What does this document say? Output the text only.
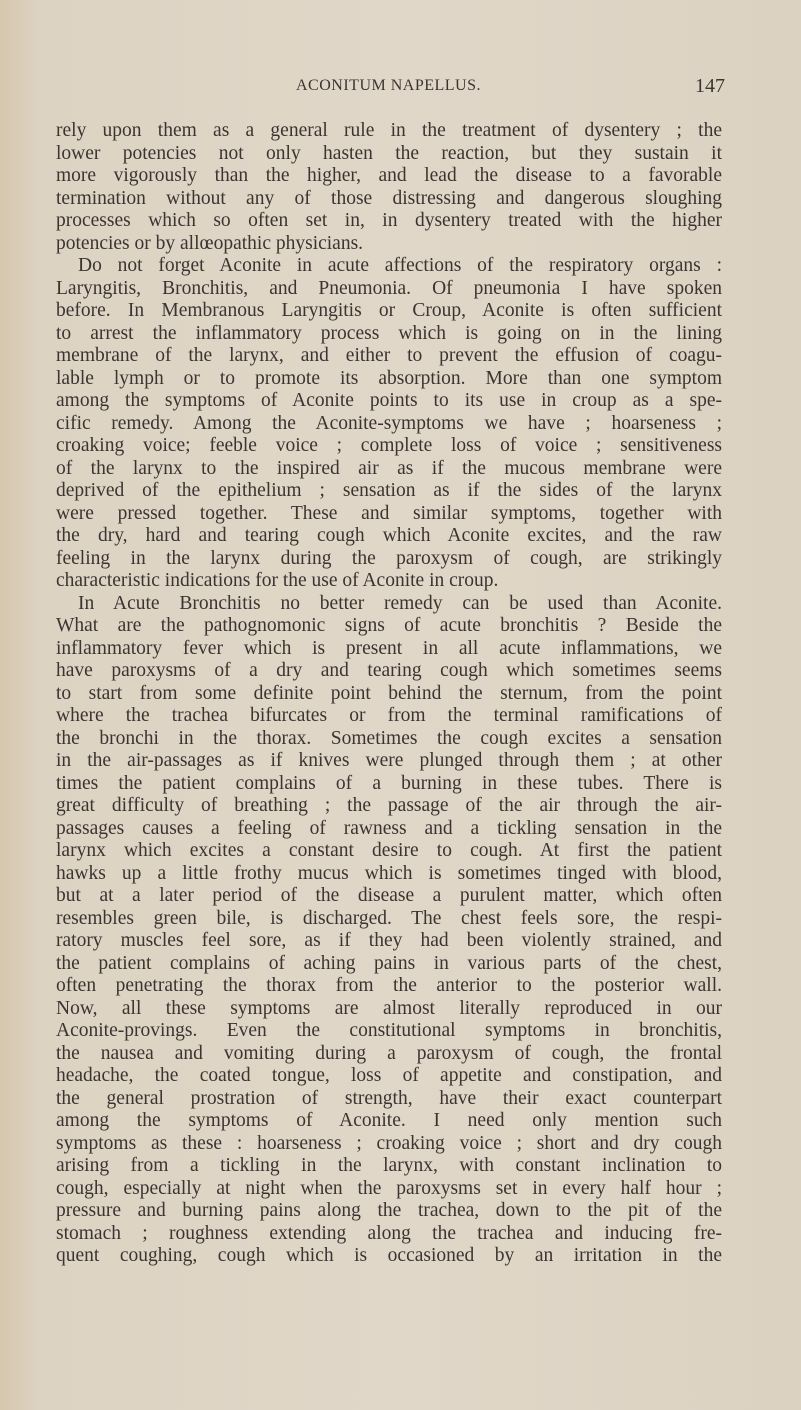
ACONITUM NAPELLUS.	147
rely upon them as a general rule in the treatment of dysentery ; the
lower potencies not only hasten the reaction, but they sustain it
more vigorously than the higher, and lead the disease to a favorable
termination without any of those distressing and dangerous sloughing
processes which so often set in, in dysentery treated with the higher
potencies or by allœopathic physicians.
Do not forget Aconite in acute affections of the respiratory organs :
Laryngitis, Bronchitis, and Pneumonia. Of pneumonia I have spoken
before. In Membranous Laryngitis or Croup, Aconite is often sufficient
to arrest the inflammatory process which is going on in the lining
membrane of the larynx, and either to prevent the effusion of coagu-
lable lymph or to promote its absorption. More than one symptom
among the symptoms of Aconite points to its use in croup as a spe-
cific remedy. Among the Aconite-symptoms we have ; hoarseness ;
croaking voice; feeble voice ; complete loss of voice ; sensitiveness
of the larynx to the inspired air as if the mucous membrane were
deprived of the epithelium ; sensation as if the sides of the larynx
were pressed together. These and similar symptoms, together with
the dry, hard and tearing cough which Aconite excites, and the raw
feeling in the larynx during the paroxysm of cough, are strikingly
characteristic indications for the use of Aconite in croup.
In Acute Bronchitis no better remedy can be used than Aconite.
What are the pathognomonic signs of acute bronchitis ? Beside the
inflammatory fever which is present in all acute inflammations, we
have paroxysms of a dry and tearing cough which sometimes seems
to start from some definite point behind the sternum, from the point
where the trachea bifurcates or from the terminal ramifications of
the bronchi in the thorax. Sometimes the cough excites a sensation
in the air-passages as if knives were plunged through them ; at other
times the patient complains of a burning in these tubes. There is
great difficulty of breathing ; the passage of the air through the air-
passages causes a feeling of rawness and a tickling sensation in the
larynx which excites a constant desire to cough. At first the patient
hawks up a little frothy mucus which is sometimes tinged with blood,
but at a later period of the disease a purulent matter, which often
resembles green bile, is discharged. The chest feels sore, the respi-
ratory muscles feel sore, as if they had been violently strained, and
the patient complains of aching pains in various parts of the chest,
often penetrating the thorax from the anterior to the posterior wall.
Now, all these symptoms are almost literally reproduced in our
Aconite-provings. Even the constitutional symptoms in bronchitis,
the nausea and vomiting during a paroxysm of cough, the frontal
headache, the coated tongue, loss of appetite and constipation, and
the general prostration of strength, have their exact counterpart
among the symptoms of Aconite. I need only mention such
symptoms as these : hoarseness ; croaking voice ; short and dry cough
arising from a tickling in the larynx, with constant inclination to
cough, especially at night when the paroxysms set in every half hour ;
pressure and burning pains along the trachea, down to the pit of the
stomach ; roughness extending along the trachea and inducing fre-
quent coughing, cough which is occasioned by an irritation in the
